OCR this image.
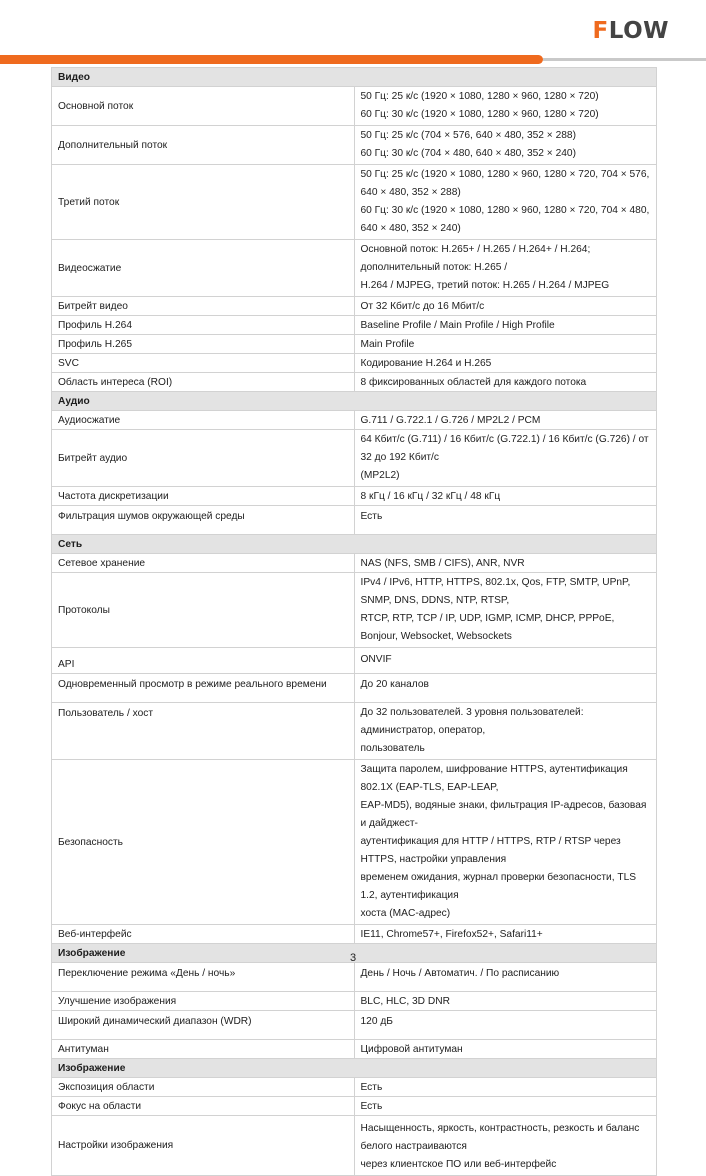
FLOW
Видео	
Основной поток	50 Гц: 25 к/с (1920 × 1080, 1280 × 960, 1280 × 720)
60 Гц: 30 к/с (1920 × 1080, 1280 × 960, 1280 × 720)

Дополнительный поток	50 Гц: 25 к/с (704 × 576, 640 × 480, 352 × 288)
60 Гц: 30 к/с (704 × 480, 640 × 480, 352 × 240)

Третий поток	50 Гц: 25 к/с (1920 × 1080, 1280 × 960, 1280 × 720, 704 × 576, 640 × 480, 352 × 288)
60 Гц: 30 к/с (1920 × 1080, 1280 × 960, 1280 × 720, 704 × 480, 640 × 480, 352 × 240)

Видеосжатие	Основной поток: H.265+ / H.265 / H.264+ / H.264; дополнительный поток: H.265 /
H.264 / MJPEG, третий поток: H.265 / H.264 / MJPEG

Битрейт видео	От 32 Кбит/с до 16 Мбит/с

Профиль H.264	Baseline Profile / Main Profile / High Profile

Профиль H.265	Main Profile

SVC	Кодирование H.264 и H.265

Область интереса (ROI)	8 фиксированных областей для каждого потока

Аудио	
Аудиосжатие	G.711 / G.722.1 / G.726 / MP2L2 / PCM

Битрейт аудио	64 Кбит/с (G.711) / 16 Кбит/с (G.722.1) / 16 Кбит/с (G.726) / от 32 до 192 Кбит/с
(MP2L2)

Частота дискретизации	8 кГц / 16 кГц / 32 кГц / 48 кГц

Фильтрация шумов окружающей среды	Есть

Сеть	
Сетевое хранение	NAS (NFS, SMB / CIFS), ANR, NVR

Протоколы	IPv4 / IPv6, HTTP, HTTPS, 802.1x, Qos, FTP, SMTP, UPnP, SNMP, DNS, DDNS, NTP, RTSP,
RTCP, RTP, TCP / IP, UDP, IGMP, ICMP, DHCP, PPPoE, Bonjour, Websocket, Websockets

API	ONVIF

Одновременный просмотр в режиме реального времени	До 20 каналов

Пользователь / хост	До 32 пользователей. 3 уровня пользователей: администратор, оператор,
пользователь

Безопасность	Защита паролем, шифрование HTTPS, аутентификация 802.1X (EAP-TLS, EAP-LEAP,
EAP-MD5), водяные знаки, фильтрация IP-адресов, базовая и дайджест-
аутентификация для HTTP / HTTPS, RTP / RTSP через HTTPS, настройки управления
временем ожидания, журнал проверки безопасности, TLS 1.2, аутентификация
хоста (MAC-адрес)

Веб-интерфейс	IE11, Chrome57+, Firefox52+, Safari11+

Изображение	
Переключение режима «День / ночь»	День / Ночь / Автоматич. / По расписанию

Улучшение изображения	BLC, HLC, 3D DNR

Широкий динамический диапазон (WDR)	120 дБ

Антитуман	Цифровой антитуман

Изображение	
Экспозиция области	Есть

Фокус на области	Есть

Настройки изображения	Насыщенность, яркость, контрастность, резкость и баланс белого настраиваются
через клиентское ПО или веб-интерфейс
3
